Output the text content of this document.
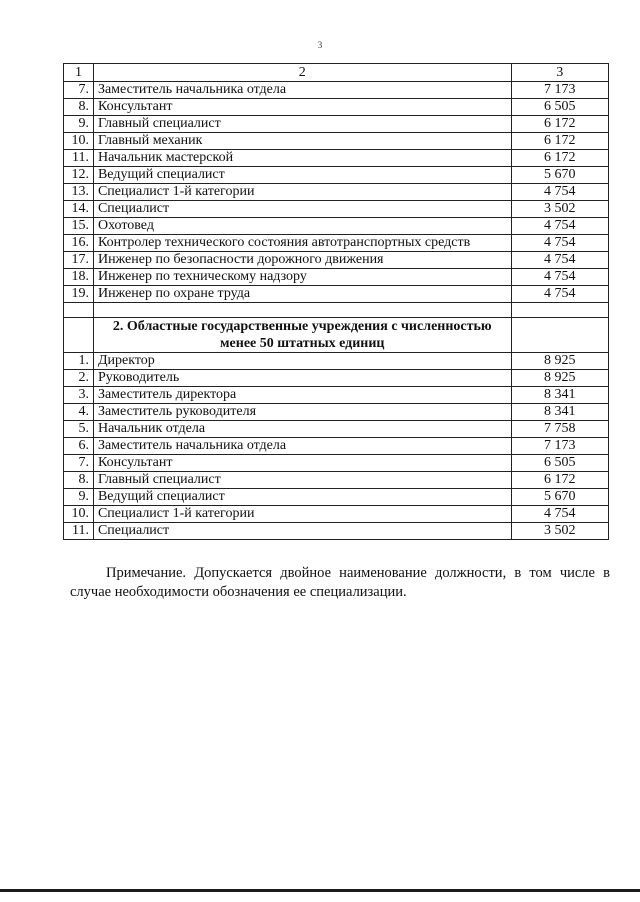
3
1	2	3
7.	Заместитель начальника отдела	7 173
8.	Консультант	6 505
9.	Главный специалист	6 172
10.	Главный механик	6 172
11.	Начальник мастерской	6 172
12.	Ведущий специалист	5 670
13.	Специалист 1-й категории	4 754
14.	Специалист	3 502
15.	Охотовед	4 754
16.	Контролер технического состояния автотранспортных средств	4 754
17.	Инженер по безопасности дорожного движения	4 754
18.	Инженер по техническому надзору	4 754
19.	Инженер по охране труда	4 754

	2. Областные государственные учреждения с численностью менее 50 штатных единиц	
1.	Директор	8 925
2.	Руководитель	8 925
3.	Заместитель директора	8 341
4.	Заместитель руководителя	8 341
5.	Начальник отдела	7 758
6.	Заместитель начальника отдела	7 173
7.	Консультант	6 505
8.	Главный специалист	6 172
9.	Ведущий специалист	5 670
10.	Специалист 1-й категории	4 754
11.	Специалист	3 502

Примечание. Допускается двойное наименование должности, в том числе в случае необходимости обозначения ее специализации.
